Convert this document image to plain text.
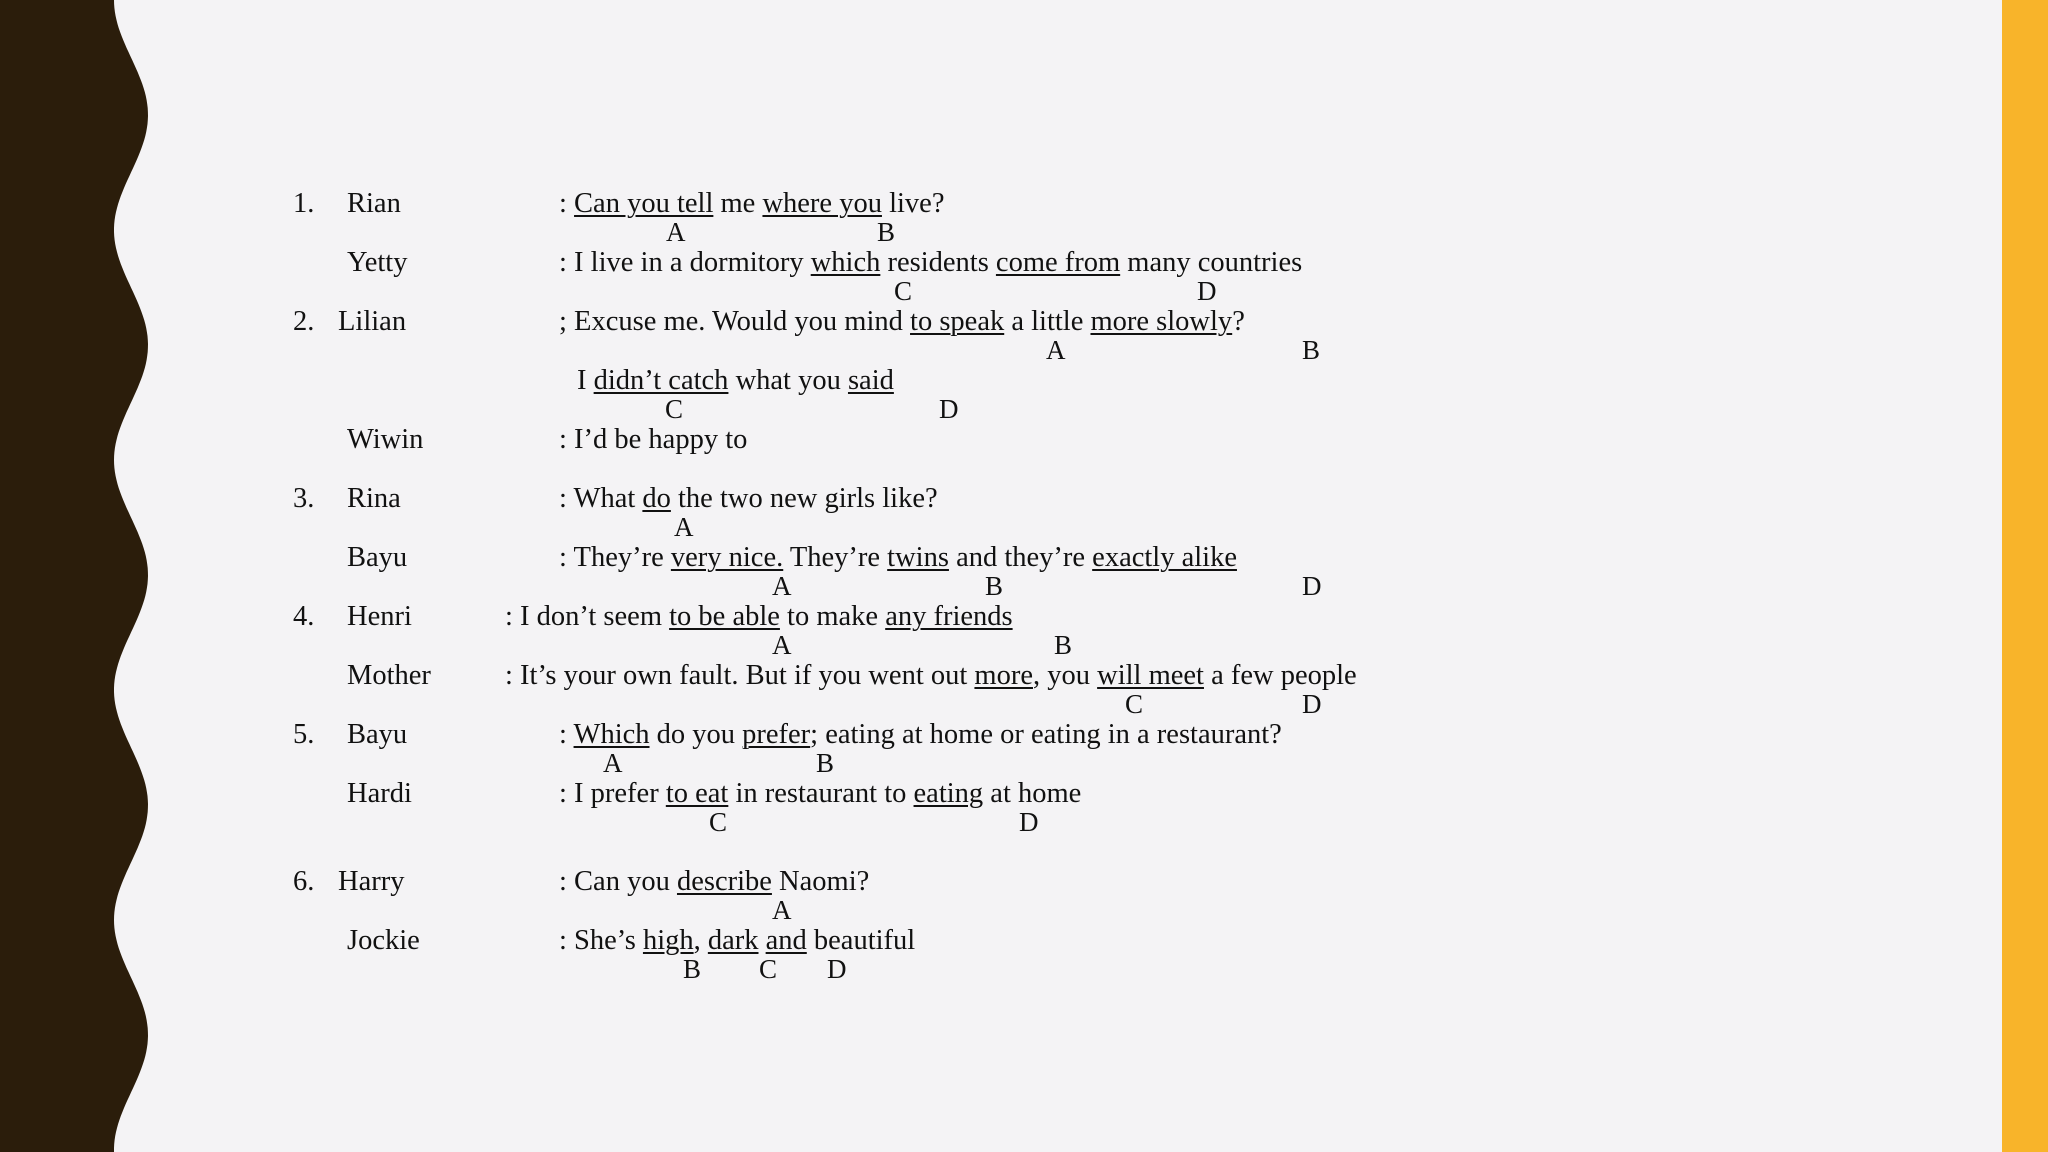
1. Rian	: Can you tell me where you live?
A	B
Yetty	: I live in a dormitory which residents come from many countries
C	D
2. Lilian	; Excuse me. Would you mind to speak a little more slowly?
A	B
I didn’t catch what you said
C	D
Wiwin	: I’d be happy to
3. Rina	: What do the two new girls like?
A
Bayu	: They’re very nice. They’re twins and they’re exactly alike
A	B	D
4. Henri	: I don’t seem to be able to make any friends
A	B
Mother	: It’s your own fault. But if you went out more, you will meet a few people
C	D
5. Bayu	: Which do you prefer; eating at home or eating in a restaurant?
A	B
Hardi	: I prefer to eat in restaurant to eating at home
C	D
6. Harry	: Can you describe Naomi?
A
Jockie	: She’s high, dark and beautiful
B C D
